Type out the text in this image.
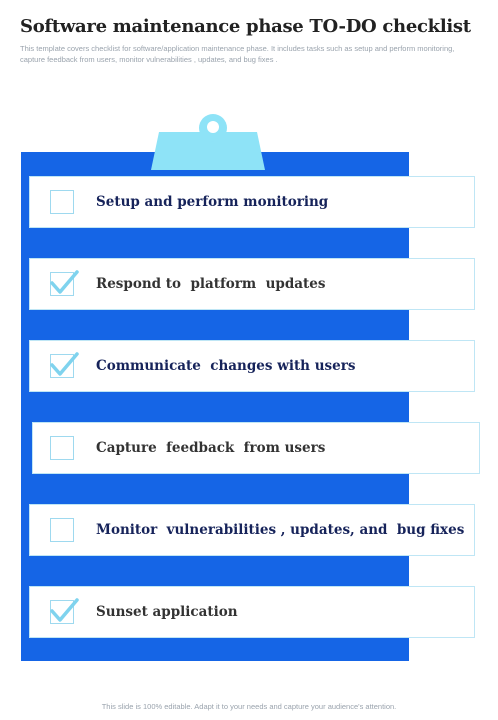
Software maintenance phase TO-DO checklist
This template covers checklist for software/application maintenance phase. It includes tasks such as setup and perform monitoring, capture feedback from users, monitor vulnerabilities , updates, and bug fixes .
Setup and perform monitoring
Respond to  platform  updates
Communicate  changes with users
Capture  feedback  from users
Monitor  vulnerabilities , updates, and  bug fixes
Sunset application
This slide is 100% editable. Adapt it to your needs and capture your audience's attention.
